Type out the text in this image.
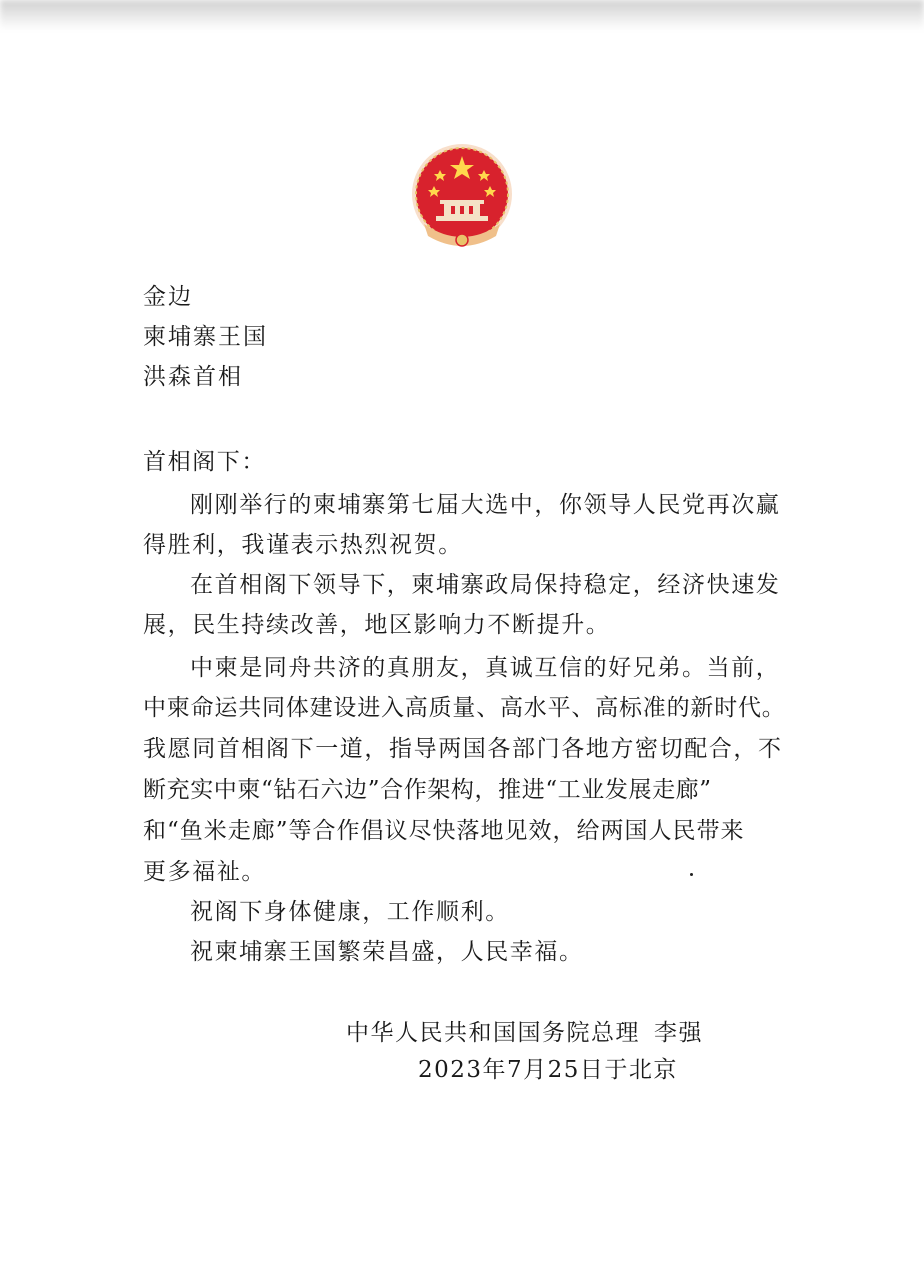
金边
柬埔寨王国
洪森首相
首相阁下：
刚刚举行的柬埔寨第七届大选中，你领导人民党再次赢
得胜利，我谨表示热烈祝贺。
在首相阁下领导下，柬埔寨政局保持稳定，经济快速发
展，民生持续改善，地区影响力不断提升。
中柬是同舟共济的真朋友，真诚互信的好兄弟。当前，
中柬命运共同体建设进入高质量、高水平、高标准的新时代。
我愿同首相阁下一道，指导两国各部门各地方密切配合，不
断充实中柬“钻石六边”合作架构，推进“工业发展走廊”
和“鱼米走廊”等合作倡议尽快落地见效，给两国人民带来
更多福祉。
祝阁下身体健康，工作顺利。
祝柬埔寨王国繁荣昌盛，人民幸福。
中华人民共和国国务院总理 李强
2023年7月25日于北京
